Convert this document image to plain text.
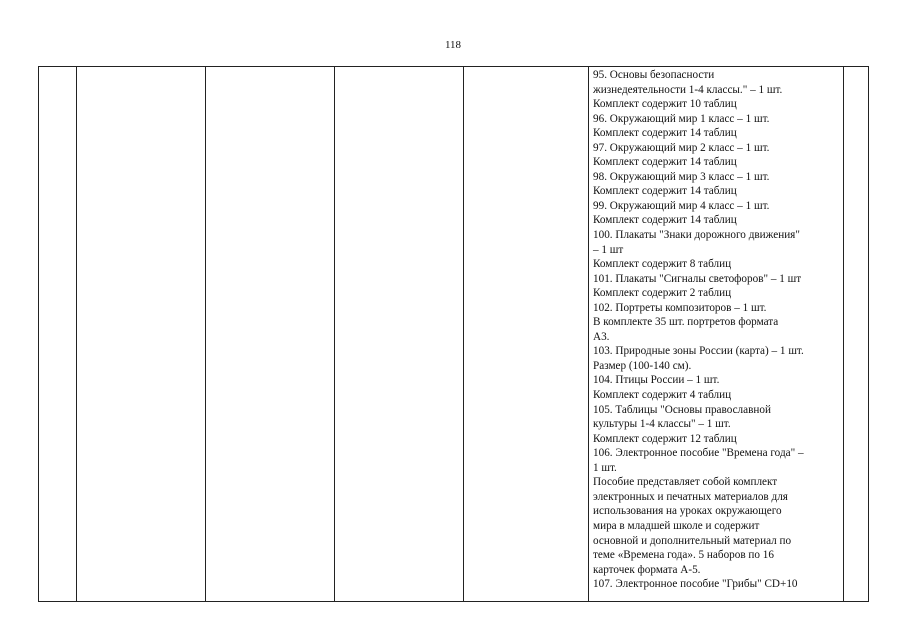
118

95. Основы безопасности
жизнедеятельности 1-4 классы." – 1 шт.
Комплект содержит 10 таблиц
96. Окружающий мир 1 класс – 1 шт.
Комплект содержит 14 таблиц
97. Окружающий мир 2 класс – 1 шт.
Комплект содержит 14 таблиц
98. Окружающий мир 3 класс – 1 шт.
Комплект содержит 14 таблиц
99. Окружающий мир 4 класс – 1 шт.
Комплект содержит 14 таблиц
100. Плакаты "Знаки дорожного движения"
– 1 шт
Комплект содержит 8 таблиц
101. Плакаты "Сигналы светофоров" – 1 шт
Комплект содержит 2 таблиц
102. Портреты композиторов – 1 шт.
В комплекте 35 шт. портретов формата
А3.
103. Природные зоны России (карта) – 1 шт.
Размер (100-140 см).
104. Птицы России – 1 шт.
Комплект содержит 4 таблиц
105. Таблицы "Основы православной
культуры 1-4 классы" – 1 шт.
Комплект содержит 12 таблиц
106. Электронное пособие "Времена года" –
1 шт.
Пособие представляет собой комплект
электронных и печатных материалов для
использования на уроках окружающего
мира в младшей школе и содержит
основной и дополнительный материал по
теме «Времена года». 5 наборов по 16
карточек формата А-5.
107. Электронное пособие "Грибы" CD+10
